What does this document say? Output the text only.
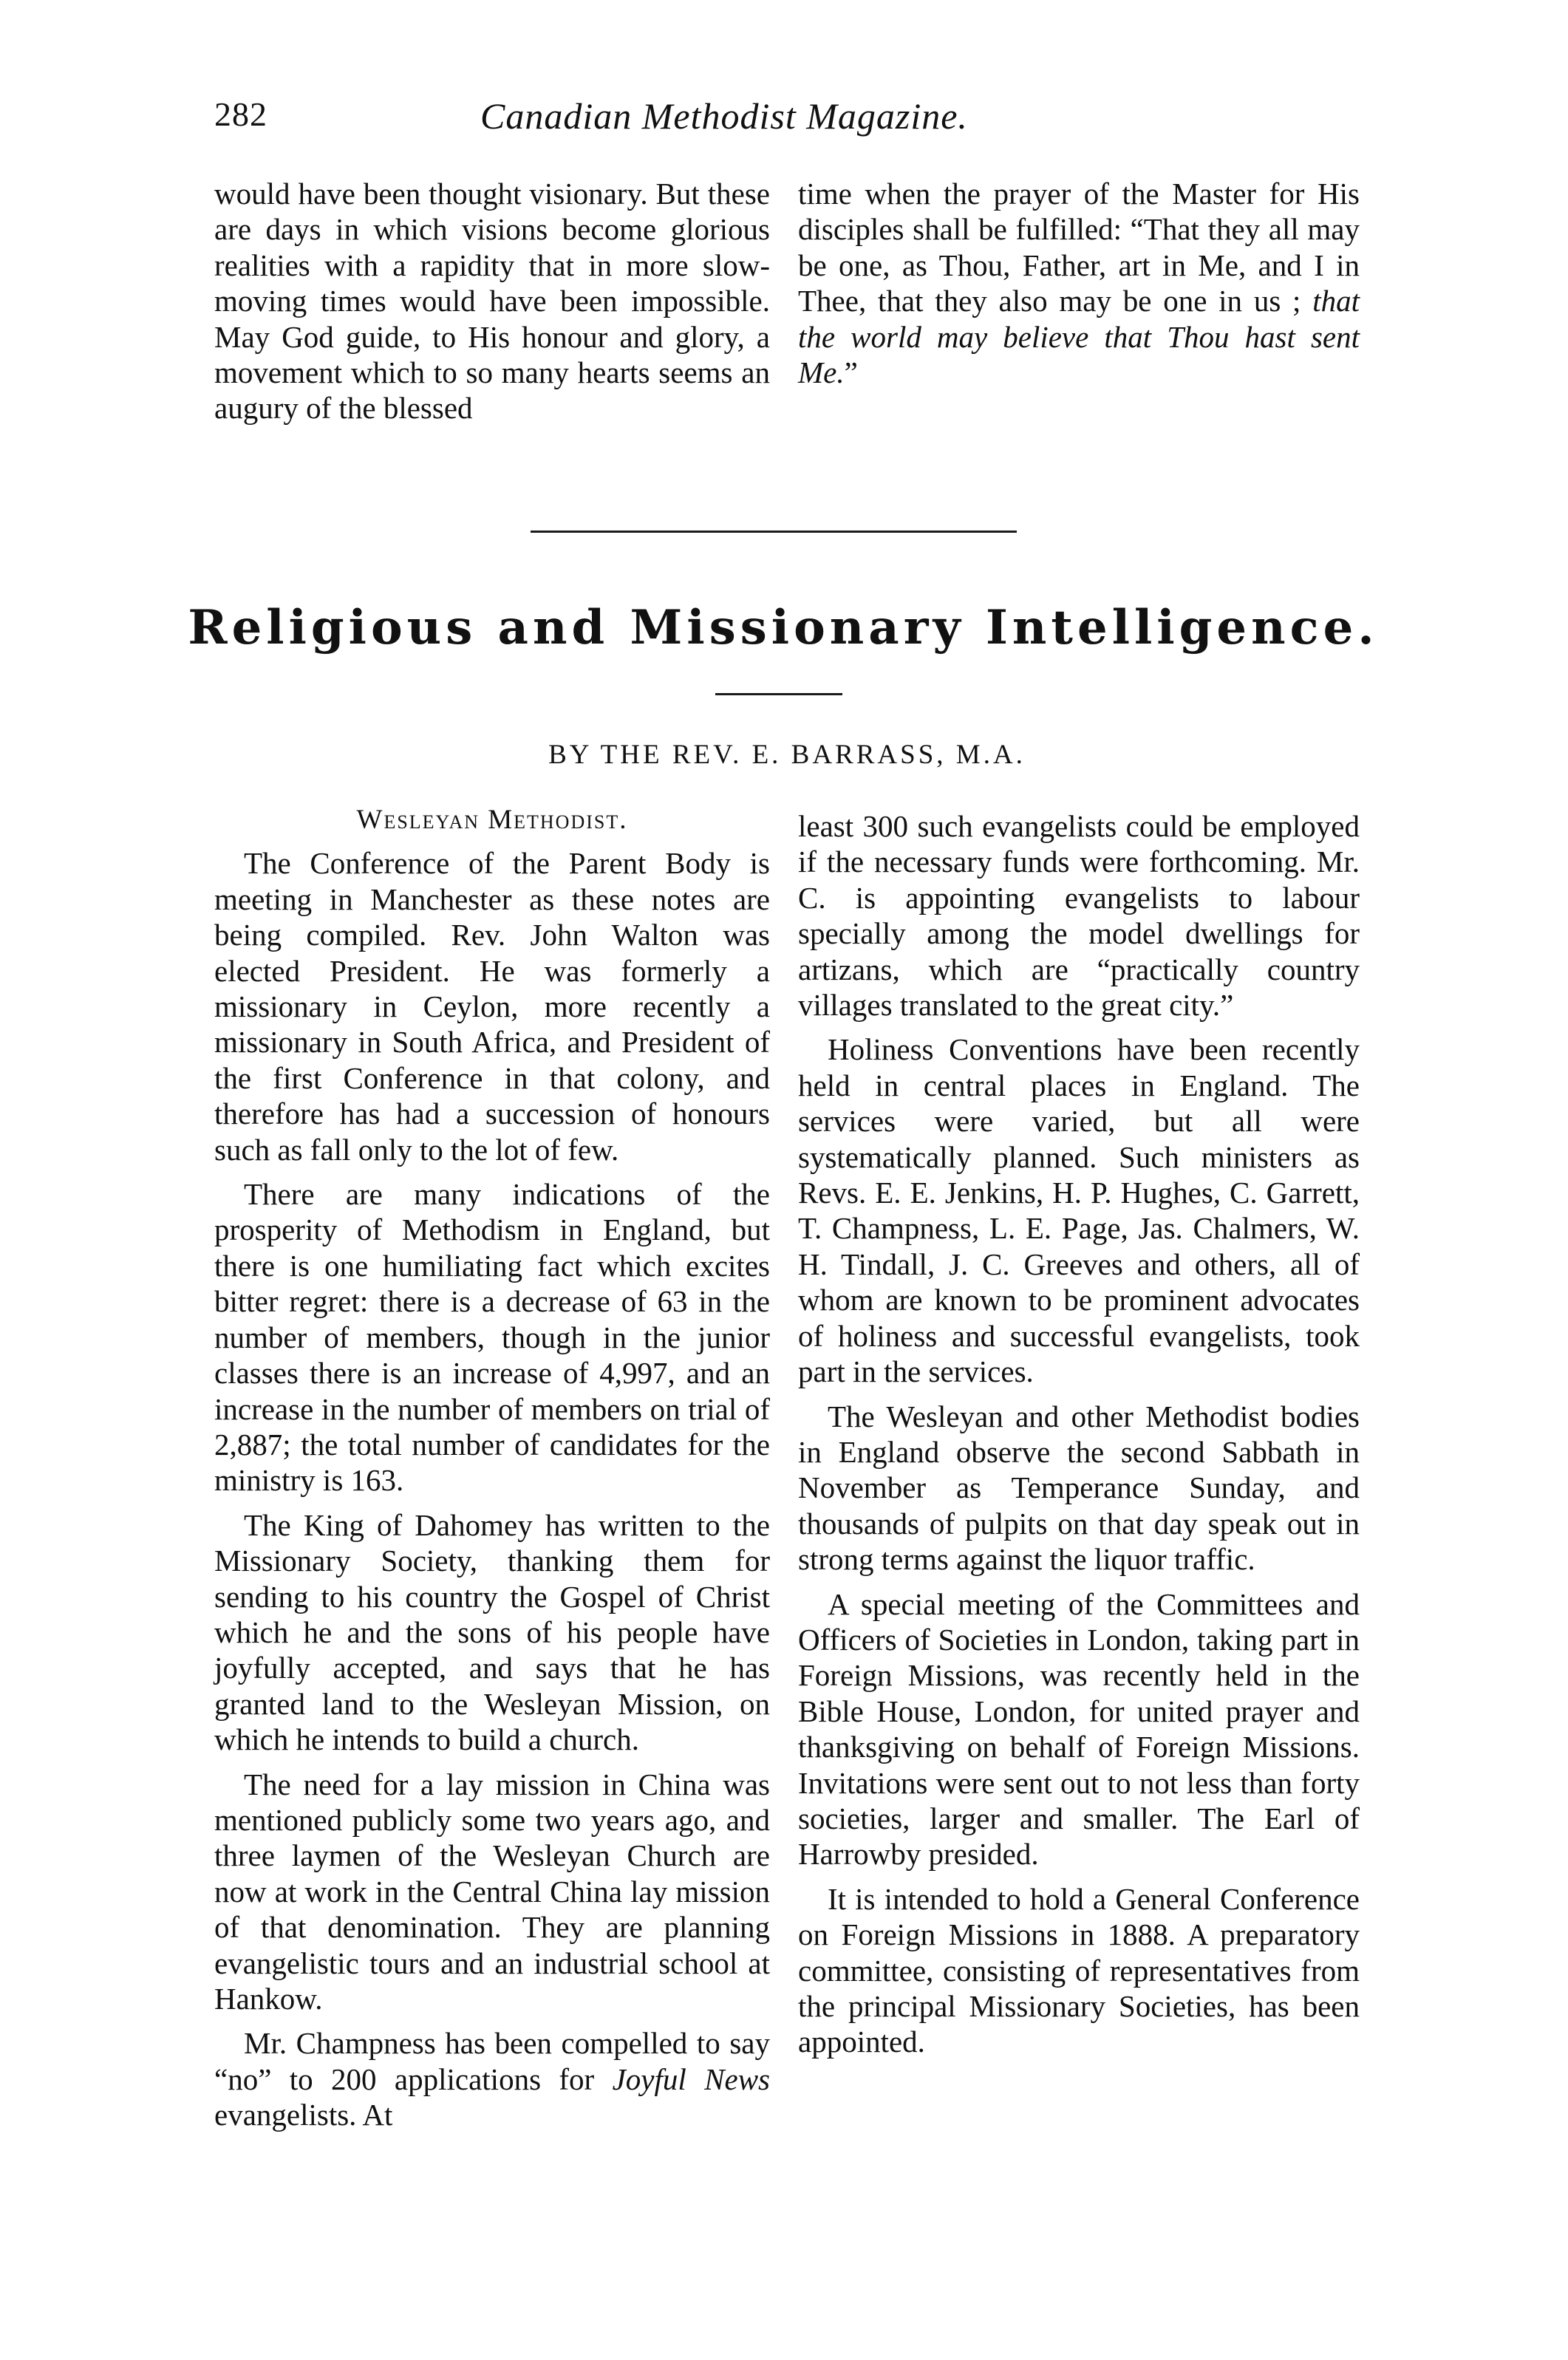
282	Canadian Methodist Magazine.

would have been thought visionary. But these are days in which visions become glorious realities with a rapidity that in more slow-moving times would have been impossible. May God guide, to His honour and glory, a movement which to so many hearts seems an augury of the blessed

time when the prayer of the Master for His disciples shall be fulfilled: “That they all may be one, as Thou, Father, art in Me, and I in Thee, that they also may be one in us ; that the world may believe that Thou hast sent Me.”

Religious and Missionary Intelligence.
BY THE REV. E. BARRASS, M.A.
Wesleyan Methodist.

The Conference of the Parent Body is meeting in Manchester as these notes are being compiled. Rev. John Walton was elected President. He was formerly a missionary in Ceylon, more recently a missionary in South Africa, and President of the first Conference in that colony, and therefore has had a succession of honours such as fall only to the lot of few.

There are many indications of the prosperity of Methodism in England, but there is one humiliating fact which excites bitter regret: there is a decrease of 63 in the number of members, though in the junior classes there is an increase of 4,997, and an increase in the number of members on trial of 2,887; the total number of candidates for the ministry is 163.

The King of Dahomey has written to the Missionary Society, thanking them for sending to his country the Gospel of Christ which he and the sons of his people have joyfully accepted, and says that he has granted land to the Wesleyan Mission, on which he intends to build a church.

The need for a lay mission in China was mentioned publicly some two years ago, and three laymen of the Wesleyan Church are now at work in the Central China lay mission of that denomination. They are planning evangelistic tours and an industrial school at Hankow.

Mr. Champness has been compelled to say “no” to 200 applications for Joyful News evangelists. At

least 300 such evangelists could be employed if the necessary funds were forthcoming. Mr. C. is appointing evangelists to labour specially among the model dwellings for artizans, which are “practically country villages translated to the great city.”

Holiness Conventions have been recently held in central places in England. The services were varied, but all were systematically planned. Such ministers as Revs. E. E. Jenkins, H. P. Hughes, C. Garrett, T. Champness, L. E. Page, Jas. Chalmers, W. H. Tindall, J. C. Greeves and others, all of whom are known to be prominent advocates of holiness and successful evangelists, took part in the services.

The Wesleyan and other Methodist bodies in England observe the second Sabbath in November as Temperance Sunday, and thousands of pulpits on that day speak out in strong terms against the liquor traffic.

A special meeting of the Committees and Officers of Societies in London, taking part in Foreign Missions, was recently held in the Bible House, London, for united prayer and thanksgiving on behalf of Foreign Missions. Invitations were sent out to not less than forty societies, larger and smaller. The Earl of Harrowby presided.

It is intended to hold a General Conference on Foreign Missions in 1888. A preparatory committee, consisting of representatives from the principal Missionary Societies, has been appointed.
